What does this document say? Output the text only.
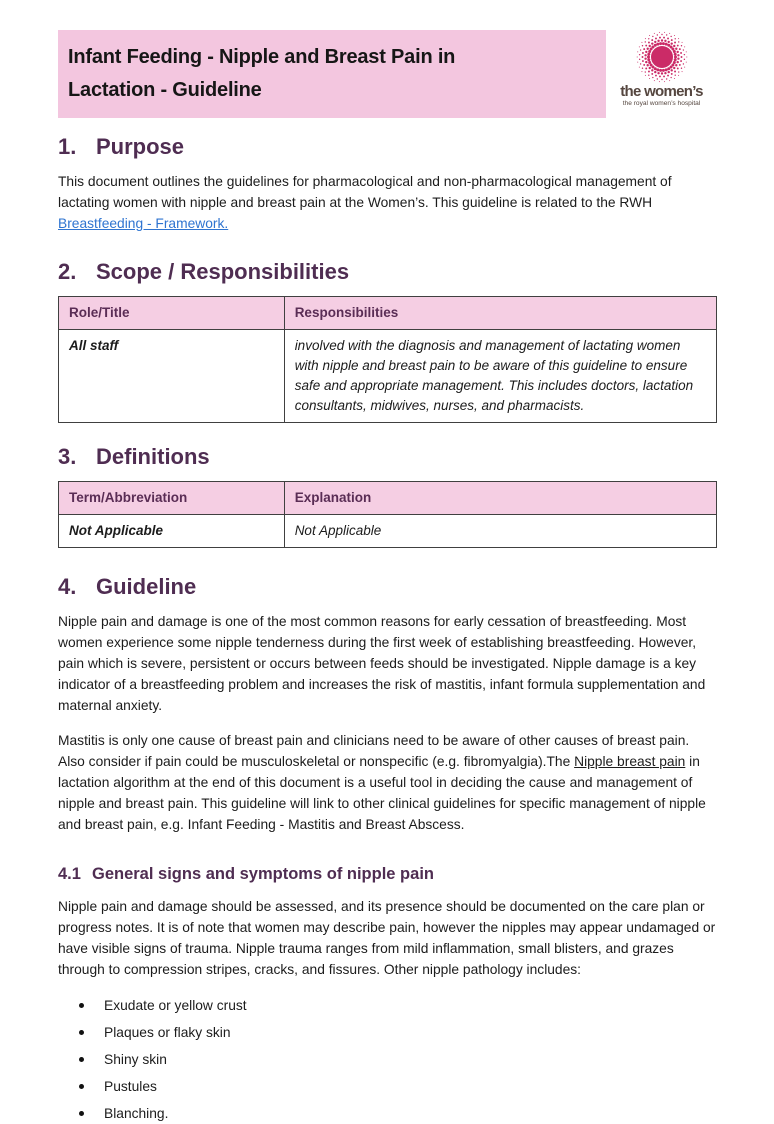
Infant Feeding - Nipple and Breast Pain in
Lactation - Guideline	the women’s
the royal women’s hospital
1. Purpose

This document outlines the guidelines for pharmacological and non-pharmacological management of lactating women with nipple and breast pain at the Women’s. This guideline is related to the RWH Breastfeeding - Framework.

2. Scope / Responsibilities
Role/Title	Responsibilities
All staff	involved with the diagnosis and management of lactating women with nipple and breast pain to be aware of this guideline to ensure safe and appropriate management. This includes doctors, lactation consultants, midwives, nurses, and pharmacists.
3. Definitions
Term/Abbreviation	Explanation
Not Applicable	Not Applicable
4. Guideline

Nipple pain and damage is one of the most common reasons for early cessation of breastfeeding. Most women experience some nipple tenderness during the first week of establishing breastfeeding. However, pain which is severe, persistent or occurs between feeds should be investigated. Nipple damage is a key indicator of a breastfeeding problem and increases the risk of mastitis, infant formula supplementation and maternal anxiety.

Mastitis is only one cause of breast pain and clinicians need to be aware of other causes of breast pain. Also consider if pain could be musculoskeletal or nonspecific (e.g. fibromyalgia).The Nipple breast pain in lactation algorithm at the end of this document is a useful tool in deciding the cause and management of nipple and breast pain. This guideline will link to other clinical guidelines for specific management of nipple and breast pain, e.g. Infant Feeding - Mastitis and Breast Abscess.

4.1 General signs and symptoms of nipple pain

Nipple pain and damage should be assessed, and its presence should be documented on the care plan or progress notes. It is of note that women may describe pain, however the nipples may appear undamaged or have visible signs of trauma. Nipple trauma ranges from mild inflammation, small blisters, and grazes through to compression stripes, cracks, and fissures. Other nipple pathology includes:

Exudate or yellow crust
Plaques or flaky skin
Shiny skin
Pustules
Blanching.
